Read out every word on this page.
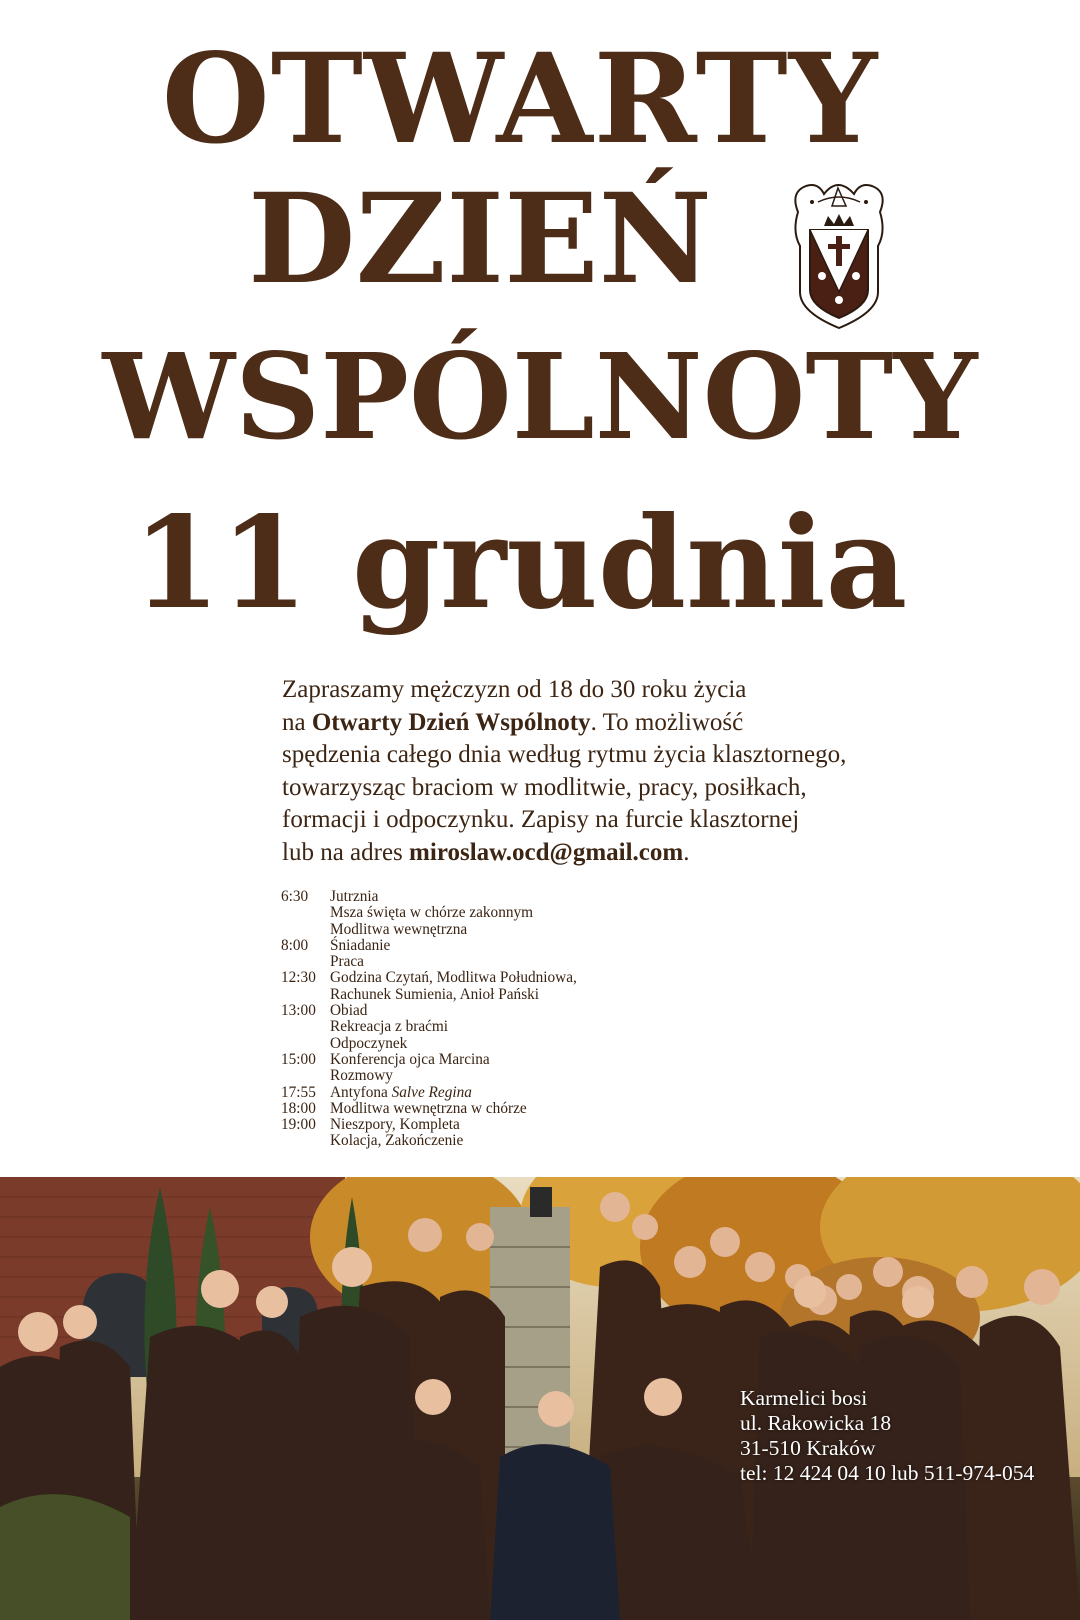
OTWARTY
DZIEŃ
WSPÓLNOTY
11 grudnia
Zapraszamy mężczyzn od 18 do 30 roku życia
na Otwarty Dzień Wspólnoty. To możliwość
spędzenia całego dnia według rytmu życia klasztornego,
towarzysząc braciom w modlitwie, pracy, posiłkach,
formacji i odpoczynku. Zapisy na furcie klasztornej
lub na adres miroslaw.ocd@gmail.com.
6:30	Jutrznia
Msza święta w chórze zakonnym
Modlitwa wewnętrzna
8:00	Śniadanie
Praca
12:30 Godzina Czytań, Modlitwa Południowa,
Rachunek Sumienia, Anioł Pański
13:00 Obiad
Rekreacja z braćmi
Odpoczynek
15:00 Konferencja ojca Marcina
Rozmowy
17:55 Antyfona Salve Regina
18:00 Modlitwa wewnętrzna w chórze
19:00 Nieszpory, Kompleta
Kolacja, Zakończenie
Karmelici bosi
ul. Rakowicka 18
31-510 Kraków
tel: 12 424 04 10 lub 511-974-054
